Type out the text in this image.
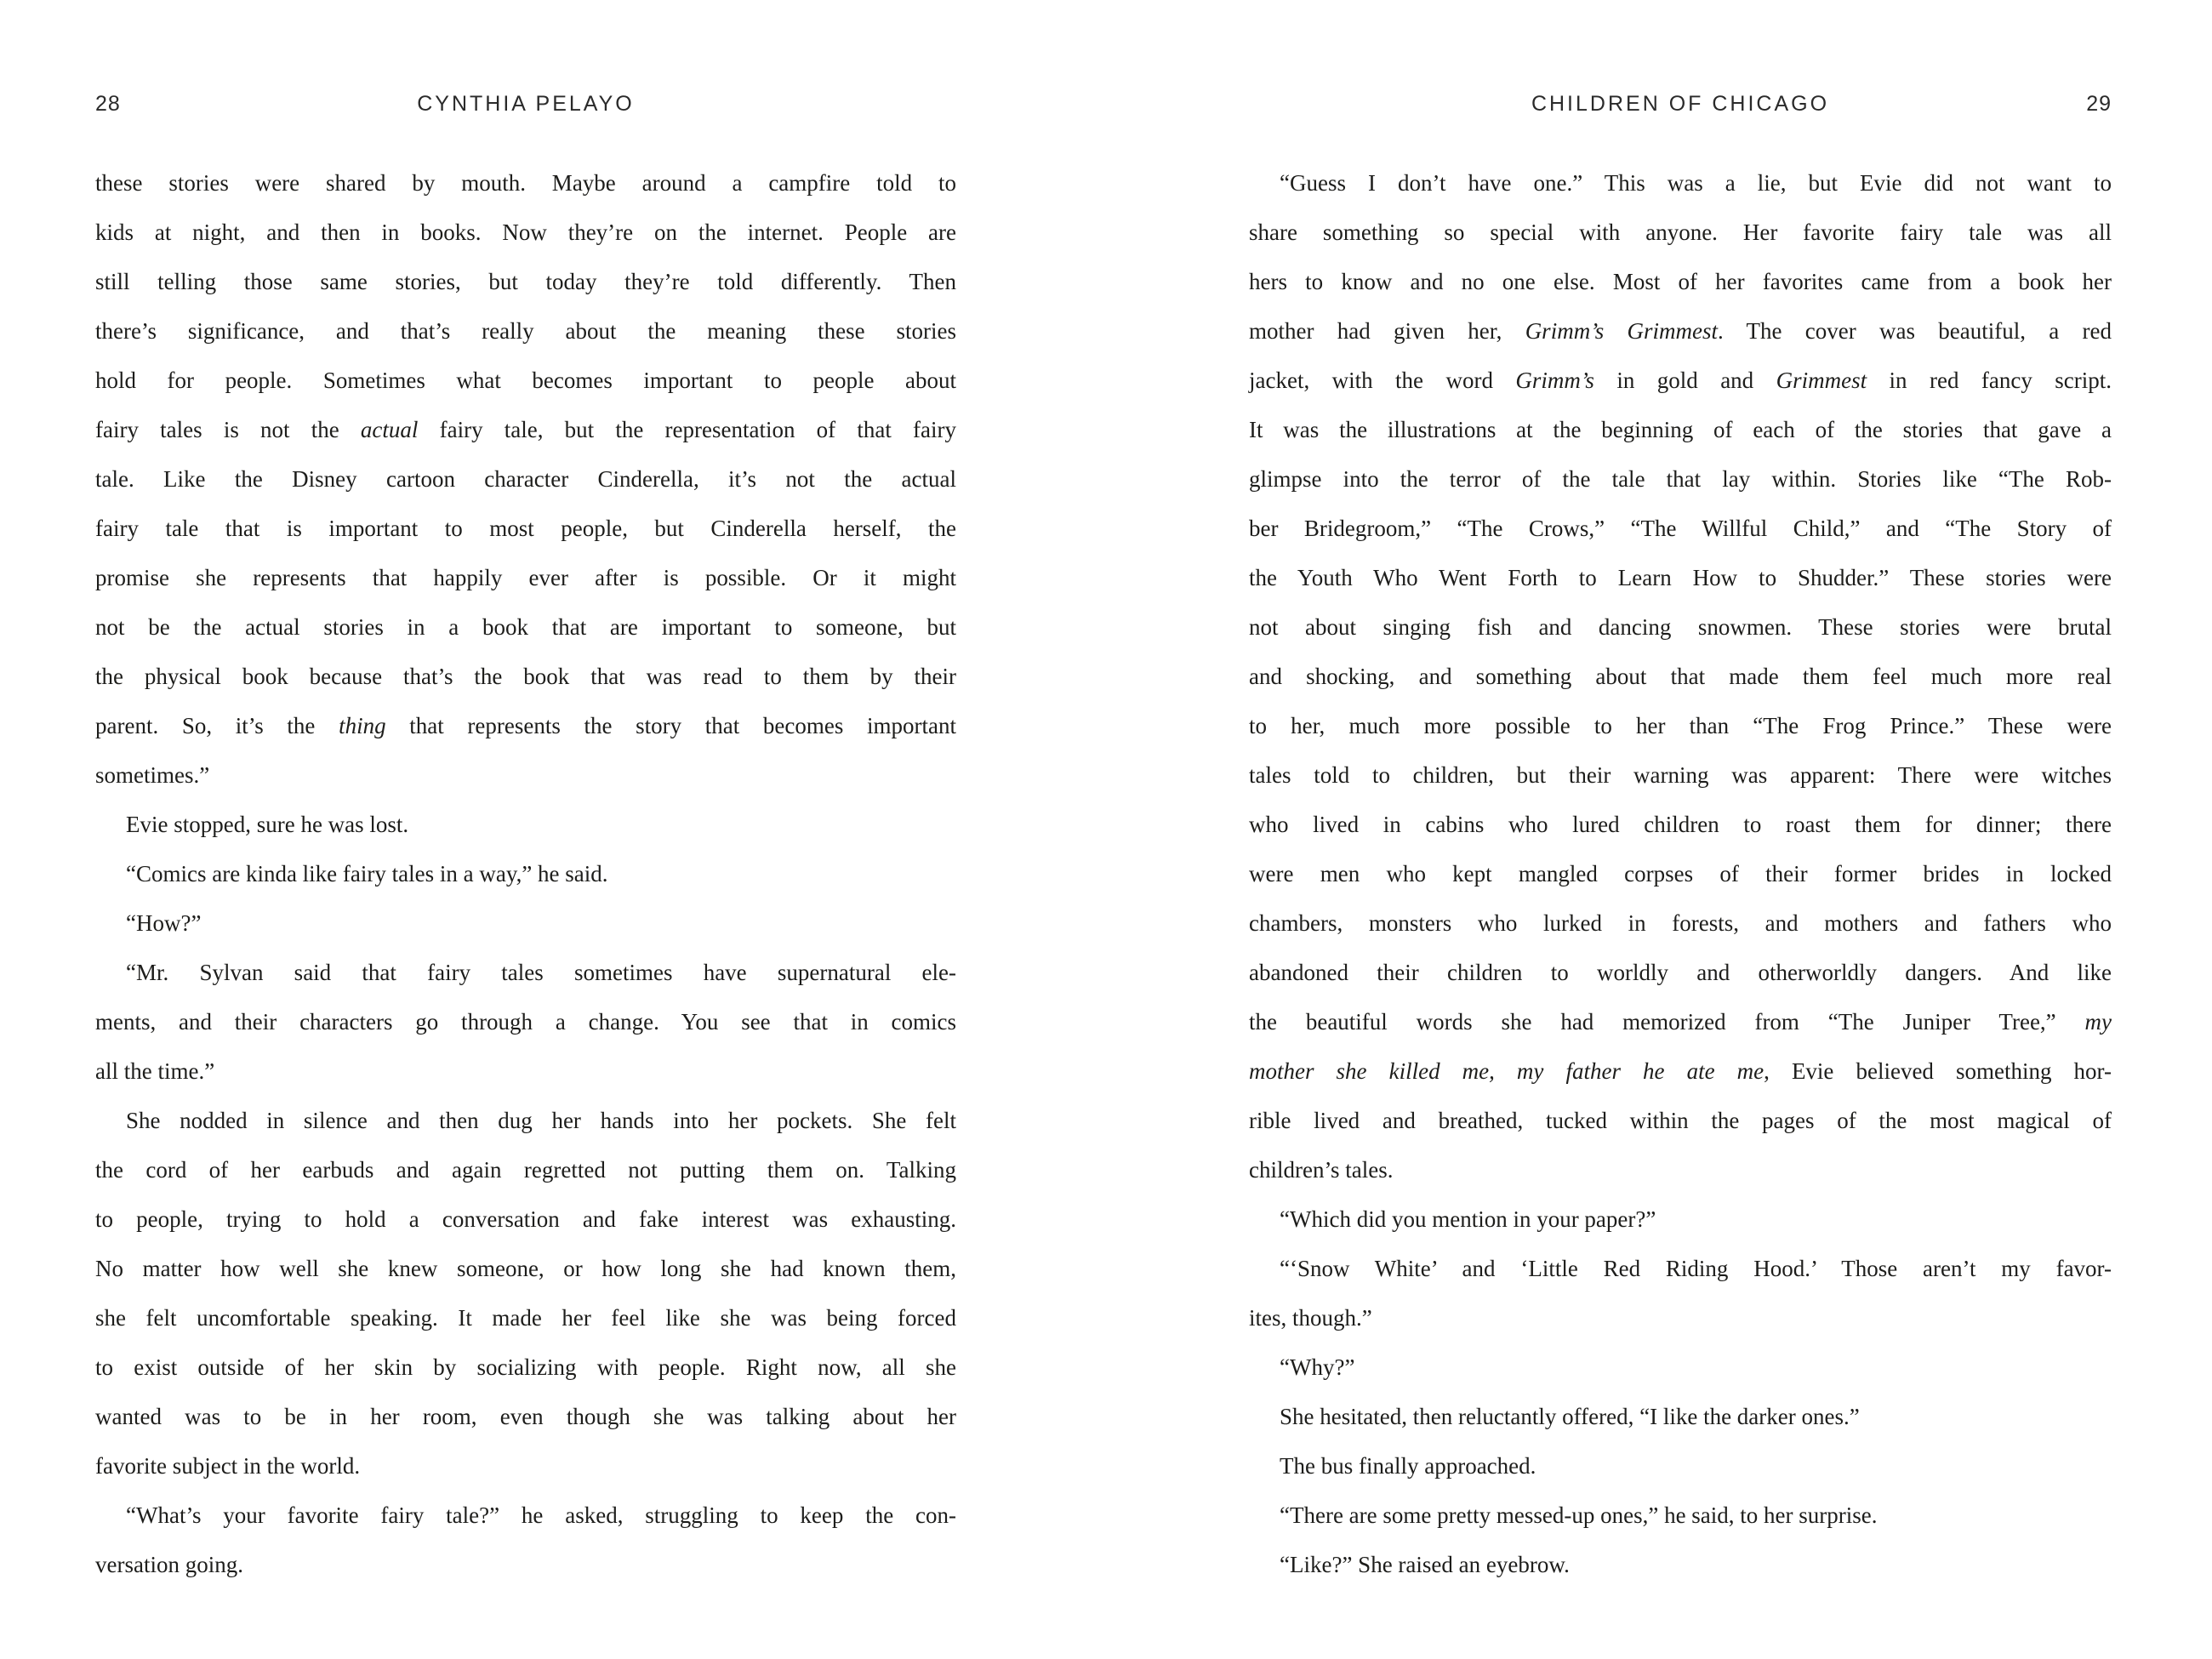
28	CYNTHIA PELAYO
these stories were shared by mouth. Maybe around a campfire told to
kids at night, and then in books. Now they’re on the internet. People are
still telling those same stories, but today they’re told differently. Then
there’s significance, and that’s really about the meaning these stories
hold for people. Sometimes what becomes important to people about
fairy tales is not the actual fairy tale, but the representation of that fairy
tale. Like the Disney cartoon character Cinderella, it’s not the actual
fairy tale that is important to most people, but Cinderella herself, the
promise she represents that happily ever after is possible. Or it might
not be the actual stories in a book that are important to someone, but
the physical book because that’s the book that was read to them by their
parent. So, it’s the thing that represents the story that becomes important
sometimes.”
Evie stopped, sure he was lost.
“Comics are kinda like fairy tales in a way,” he said.
“How?”
“Mr. Sylvan said that fairy tales sometimes have supernatural ele-
ments, and their characters go through a change. You see that in comics
all the time.”
She nodded in silence and then dug her hands into her pockets. She felt
the cord of her earbuds and again regretted not putting them on. Talking
to people, trying to hold a conversation and fake interest was exhausting.
No matter how well she knew someone, or how long she had known them,
she felt uncomfortable speaking. It made her feel like she was being forced
to exist outside of her skin by socializing with people. Right now, all she
wanted was to be in her room, even though she was talking about her
favorite subject in the world.
“What’s your favorite fairy tale?” he asked, struggling to keep the con-
versation going.
CHILDREN OF CHICAGO	29
“Guess I don’t have one.” This was a lie, but Evie did not want to
share something so special with anyone. Her favorite fairy tale was all
hers to know and no one else. Most of her favorites came from a book her
mother had given her, Grimm’s Grimmest. The cover was beautiful, a red
jacket, with the word Grimm’s in gold and Grimmest in red fancy script.
It was the illustrations at the beginning of each of the stories that gave a
glimpse into the terror of the tale that lay within. Stories like “The Rob-
ber Bridegroom,” “The Crows,” “The Willful Child,” and “The Story of
the Youth Who Went Forth to Learn How to Shudder.” These stories were
not about singing fish and dancing snowmen. These stories were brutal
and shocking, and something about that made them feel much more real
to her, much more possible to her than “The Frog Prince.” These were
tales told to children, but their warning was apparent: There were witches
who lived in cabins who lured children to roast them for dinner; there
were men who kept mangled corpses of their former brides in locked
chambers, monsters who lurked in forests, and mothers and fathers who
abandoned their children to worldly and otherworldly dangers. And like
the beautiful words she had memorized from “The Juniper Tree,” my
mother she killed me, my father he ate me, Evie believed something hor-
rible lived and breathed, tucked within the pages of the most magical of
children’s tales.
“Which did you mention in your paper?”
“‘Snow White’ and ‘Little Red Riding Hood.’ Those aren’t my favor-
ites, though.”
“Why?”
She hesitated, then reluctantly offered, “I like the darker ones.”
The bus finally approached.
“There are some pretty messed-up ones,” he said, to her surprise.
“Like?” She raised an eyebrow.
